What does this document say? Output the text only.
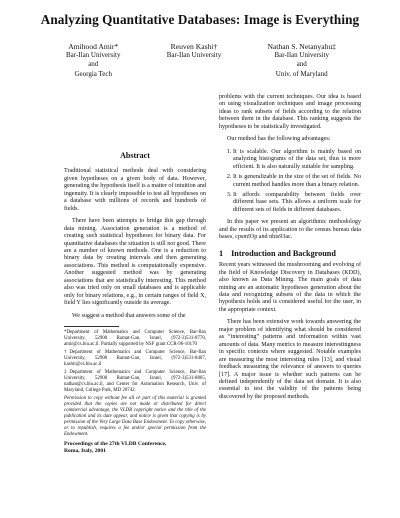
Analyzing Quantitative Databases: Image is Everything
Amihood Amir*
Bar-Ilan University
and
Georgia Tech
Reuven Kashi†
Bar-Ilan University
Nathan S. Netanyahu‡
Bar-Ilan University
and
Univ. of Maryland
Abstract

Traditional statistical methods deal with considering given hypotheses on a given body of data. However, generating the hypothesis itself is a matter of intuition and ingenuity. It is clearly impossible to test all hypotheses on a database with millions of records and hundreds of fields.

There have been attempts to bridge this gap through data mining. Association generation is a method of creating such statistical hypotheses for binary data. For quantitative databases the situation is still not good. There are a number of known methods. One is a reduction to binary data by creating intervals and then generating associations. This method is computationally expensive. Another suggested method was by generating associations that are statistically interesting. This method also was tried only on small databases and is applicable only for binary relations, e.g., in certain ranges of field X, field Y lies significantly outside its average.

We suggest a method that answers some of the

*Department of Mathematics and Computer Science, Bar-Ilan University, 52900 Ramat-Gan, Israel, (972-3)531-8770, amir@cs.biu.ac.il. Partially supported by NSF grant CCR-96-10170

†Department of Mathematics and Computer Science, Bar-Ilan University, 52900 Ramat-Gan, Israel, (972-3)531-8407, kashir@cs.biu.ac.il

‡Department of Mathematics and Computer Science, Bar-Ilan University, 52900 Ramat-Gan, Israel, (972-3)531-8865, nathan@cs.biu.ac.il, and Center for Automation Research, Univ. of Maryland, College Park, MD 20742.

Permission to copy without fee all or part of this material is granted provided that the copies are not made or distributed for direct commercial advantage, the VLDB copyright notice and the title of the publication and its date appear, and notice is given that copying is by permission of the Very Large Data Base Endowment. To copy otherwise, or to republish, requires a fee and/or special permission from the Endowment.

Proceedings of the 27th VLDB Conference,

Roma, Italy, 2001

problems with the current techniques. Our idea is based on using visualization techniques and image processing ideas to rank subsets of fields according to the relation between them in the database. This ranking suggests the hypotheses to be statistically investigated.

Our method has the following advantages:

1. It is scalable. Our algorithm is mainly based on analyzing histograms of the data set, thus is more efficient. It is also naturally suitable for sampling.
2. It is generalizable in the size of the set of fields. No current method handles more than a binary relation.
3. It affords comparability between fields over different base sets. This allows a uniform scale for different sets of fields in different databases.

In this paper we present an algorithmic methodology and the results of its application to the census bureau data bases, cpsm93p and nhis93ac.

1 Introduction and Background

Recent years witnessed the mushrooming and evolving of the field of Knowledge Discovery in Databases (KDD), also known as Data Mining. The main goals of data mining are an automatic hypotheses generation about the data and recognizing subsets of the data in which the hypothesis holds and is considered useful for the user, in the appropriate context.

There has been extensive work towards answering the major problem of identifying what should be considered as “interesting” patterns and information within vast amounts of data. Many metrics to measure interestingness in specific contexts where suggested. Notable examples are measuring the most interesting rules [13], and visual feedback measuring the relevance of answers to queries [17]. A major issue is whether such patterns can be defined independently of the data set domain. It is also essential to test the validity of the patterns being discovered by the proposed methods.
